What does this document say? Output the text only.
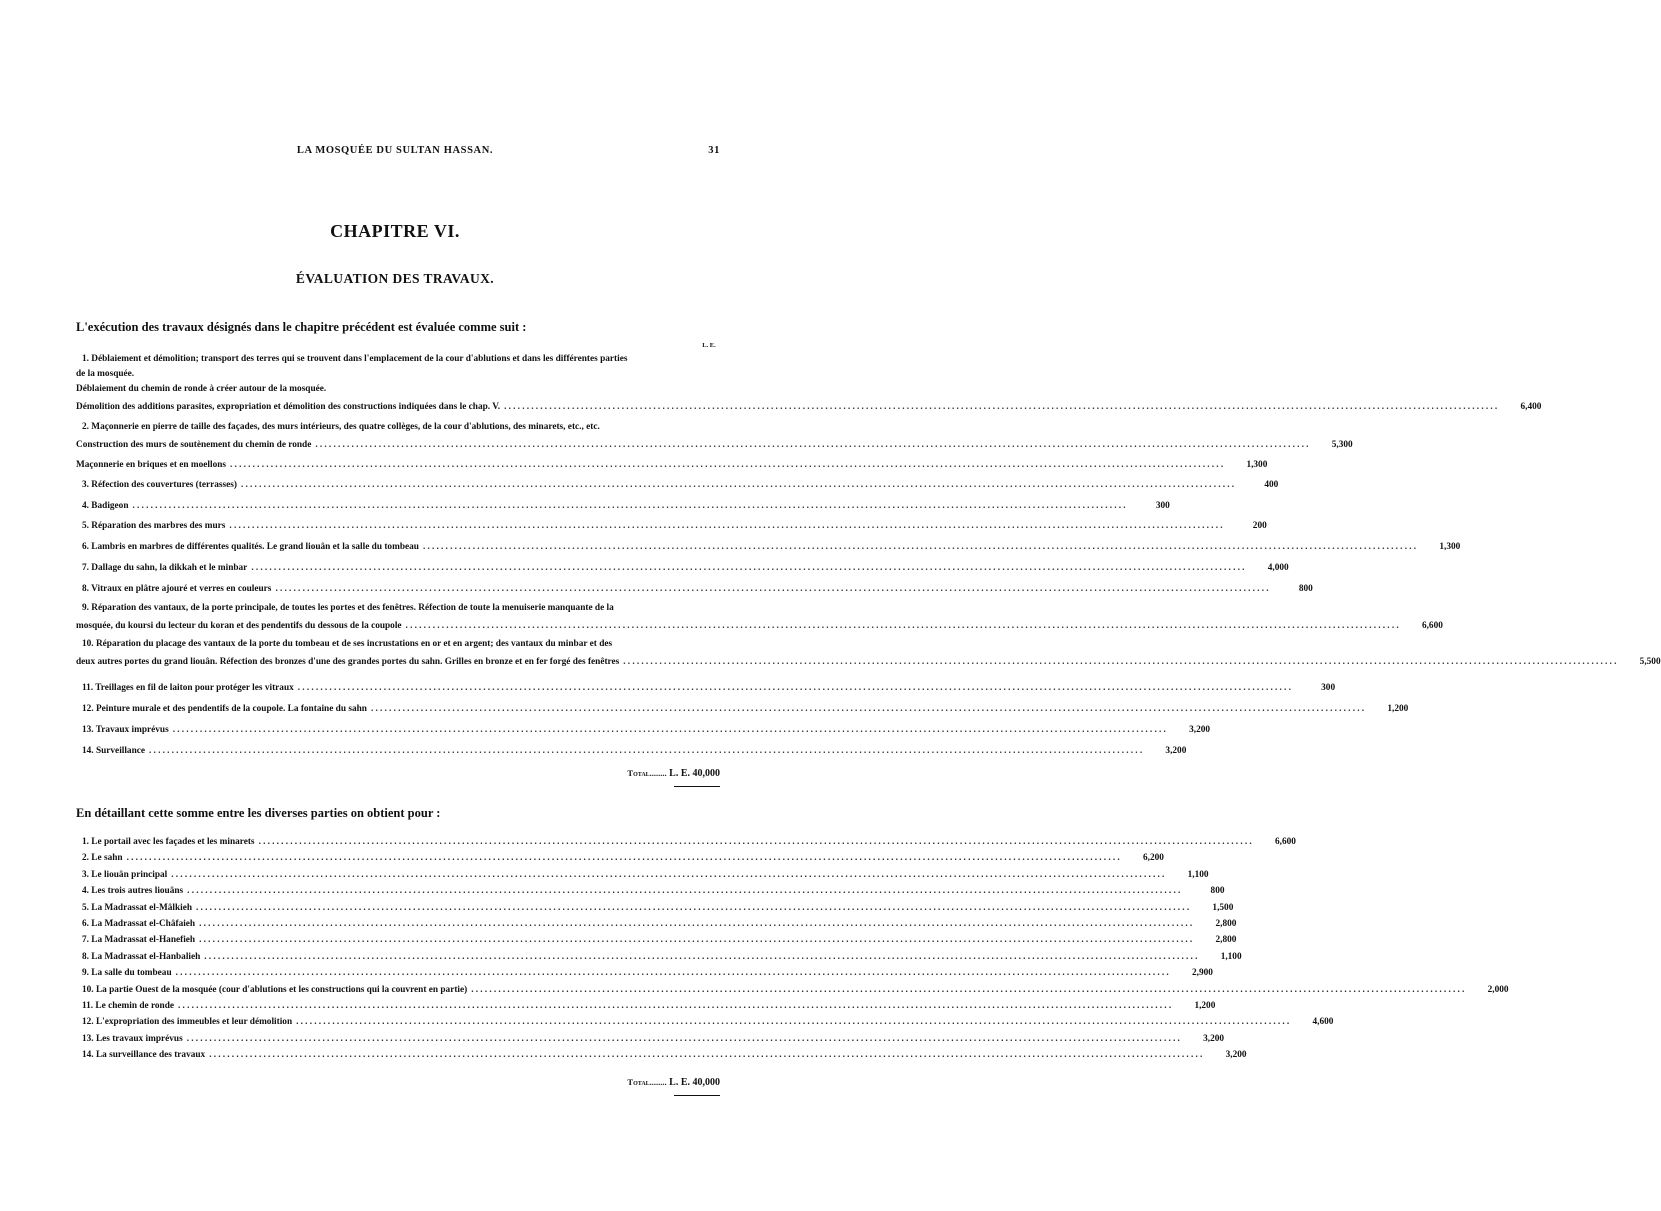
LA MOSQUÉE DU SULTAN HASSAN.	31
CHAPITRE VI.
ÉVALUATION DES TRAVAUX.
L'exécution des travaux désignés dans le chapitre précédent est évaluée comme suit :
L. E.
1. Déblaiement et démolition; transport des terres qui se trouvent dans l'emplacement de la cour d'ablutions et dans les différentes parties
de la mosquée.
Déblaiement du chemin de ronde à créer autour de la mosquée.
Démolition des additions parasites, expropriation et démolition des constructions indiquées dans le chap. V. ............................................................................................................................................................................................................................	6,400
2. Maçonnerie en pierre de taille des façades, des murs intérieurs, des quatre collèges, de la cour d'ablutions, des minarets, etc., etc.
Construction des murs de soutènement du chemin de ronde ............................................................................................................................................................................................................................	5,300
Maçonnerie en briques et en moellons ............................................................................................................................................................................................................................	1,300
3. Réfection des couvertures (terrasses) ............................................................................................................................................................................................................................	400
4. Badigeon ............................................................................................................................................................................................................................	300
5. Réparation des marbres des murs ............................................................................................................................................................................................................................	200
6. Lambris en marbres de différentes qualités. Le grand liouân et la salle du tombeau ............................................................................................................................................................................................................................	1,300
7. Dallage du sahn, la dikkah et le minbar ............................................................................................................................................................................................................................	4,000
8. Vitraux en plâtre ajouré et verres en couleurs ............................................................................................................................................................................................................................	800
9. Réparation des vantaux, de la porte principale, de toutes les portes et des fenêtres. Réfection de toute la menuiserie manquante de la
mosquée, du koursi du lecteur du koran et des pendentifs du dessous de la coupole ............................................................................................................................................................................................................................	6,600
10. Réparation du placage des vantaux de la porte du tombeau et de ses incrustations en or et en argent; des vantaux du minbar et des
deux autres portes du grand liouân. Réfection des bronzes d'une des grandes portes du sahn. Grilles en bronze et en fer forgé des fenêtres ............................................................................................................................................................................................................................	5,500
11. Treillages en fil de laiton pour protéger les vitraux ............................................................................................................................................................................................................................	300
12. Peinture murale et des pendentifs de la coupole. La fontaine du sahn ............................................................................................................................................................................................................................	1,200
13. Travaux imprévus ............................................................................................................................................................................................................................	3,200
14. Surveillance ............................................................................................................................................................................................................................	3,200
Total........ L. E. 40,000
En détaillant cette somme entre les diverses parties on obtient pour :
1. Le portail avec les façades et les minarets ............................................................................................................................................................................................................................	6,600
2. Le sahn ............................................................................................................................................................................................................................	6,200
3. Le liouân principal ............................................................................................................................................................................................................................	1,100
4. Les trois autres liouâns ............................................................................................................................................................................................................................	800
5. La Madrassat el-Mâlkieh ............................................................................................................................................................................................................................	1,500
6. La Madrassat el-Châfaieh ............................................................................................................................................................................................................................	2,800
7. La Madrassat el-Hanefieh ............................................................................................................................................................................................................................	2,800
8. La Madrassat el-Hanbalieh ............................................................................................................................................................................................................................	1,100
9. La salle du tombeau ............................................................................................................................................................................................................................	2,900
10. La partie Ouest de la mosquée (cour d'ablutions et les constructions qui la couvrent en partie) ............................................................................................................................................................................................................................	2,000
11. Le chemin de ronde ............................................................................................................................................................................................................................	1,200
12. L'expropriation des immeubles et leur démolition ............................................................................................................................................................................................................................	4,600
13. Les travaux imprévus ............................................................................................................................................................................................................................	3,200
14. La surveillance des travaux ............................................................................................................................................................................................................................	3,200
Total........ L. E. 40,000
